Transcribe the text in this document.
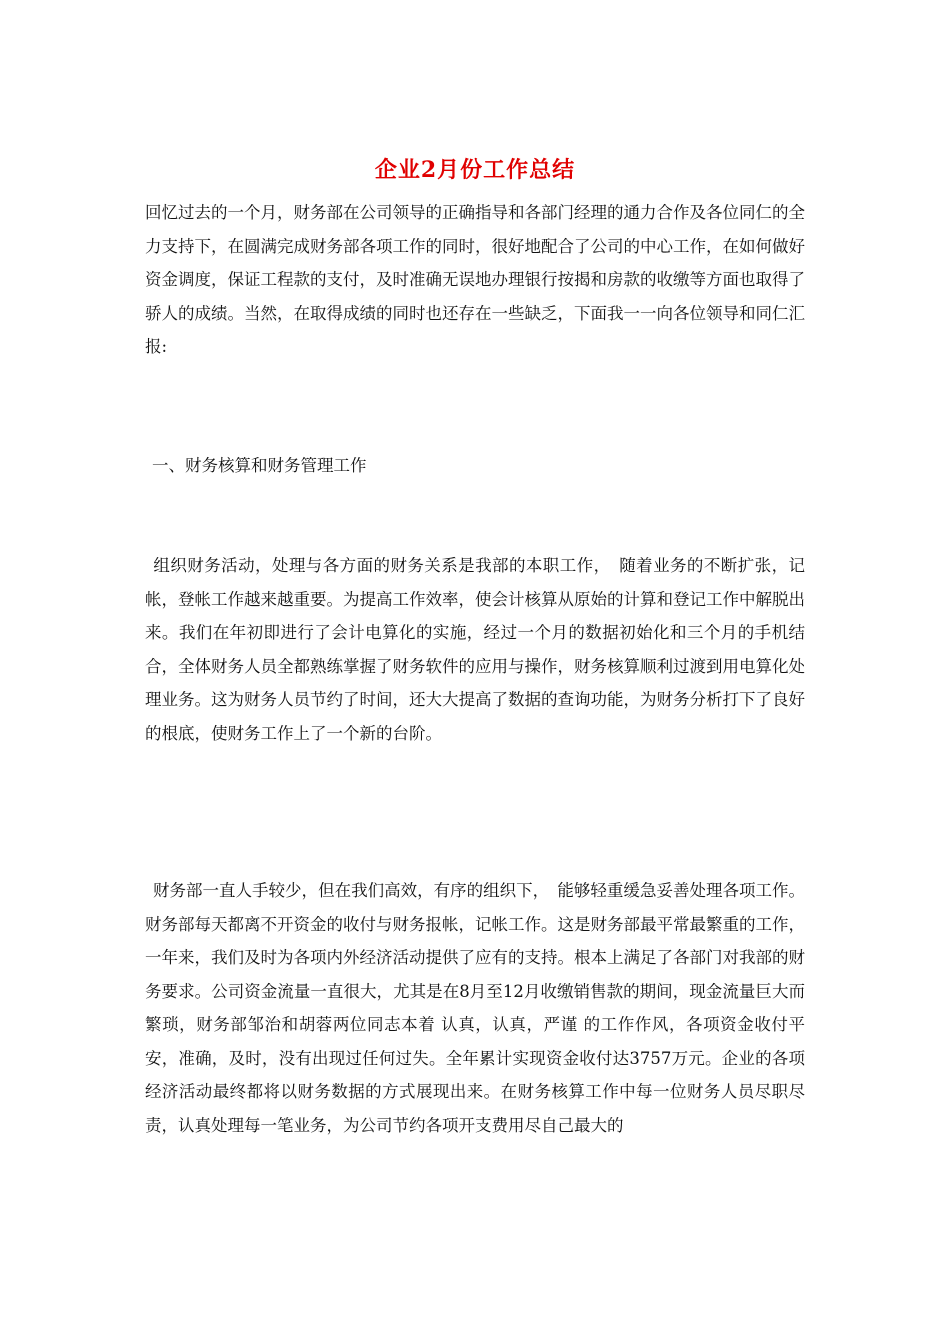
企业2月份工作总结
回忆过去的一个月，财务部在公司领导的正确指导和各部门经理的通力合作及各位同仁的全力支持下，在圆满完成财务部各项工作的同时，很好地配合了公司的中心工作，在如何做好资金调度，保证工程款的支付，及时准确无误地办理银行按揭和房款的收缴等方面也取得了骄人的成绩。当然，在取得成绩的同时也还存在一些缺乏，下面我一一向各位领导和同仁汇报:
一、财务核算和财务管理工作
组织财务活动，处理与各方面的财务关系是我部的本职工作，　随着业务的不断扩张，记帐，登帐工作越来越重要。为提高工作效率，使会计核算从原始的计算和登记工作中解脱出来。我们在年初即进行了会计电算化的实施，经过一个月的数据初始化和三个月的手机结合，全体财务人员全都熟练掌握了财务软件的应用与操作，财务核算顺利过渡到用电算化处理业务。这为财务人员节约了时间，还大大提高了数据的查询功能，为财务分析打下了良好的根底，使财务工作上了一个新的台阶。
财务部一直人手较少，但在我们高效，有序的组织下，　能够轻重缓急妥善处理各项工作。财务部每天都离不开资金的收付与财务报帐，记帐工作。这是财务部最平常最繁重的工作，一年来，我们及时为各项内外经济活动提供了应有的支持。根本上满足了各部门对我部的财务要求。公司资金流量一直很大，尤其是在8月至12月收缴销售款的期间，现金流量巨大而繁琐，财务部邹治和胡蓉两位同志本着 认真，认真，严谨 的工作作风，各项资金收付平安，准确，及时，没有出现过任何过失。全年累计实现资金收付达3757万元。企业的各项经济活动最终都将以财务数据的方式展现出来。在财务核算工作中每一位财务人员尽职尽责，认真处理每一笔业务，为公司节约各项开支费用尽自己最大的
